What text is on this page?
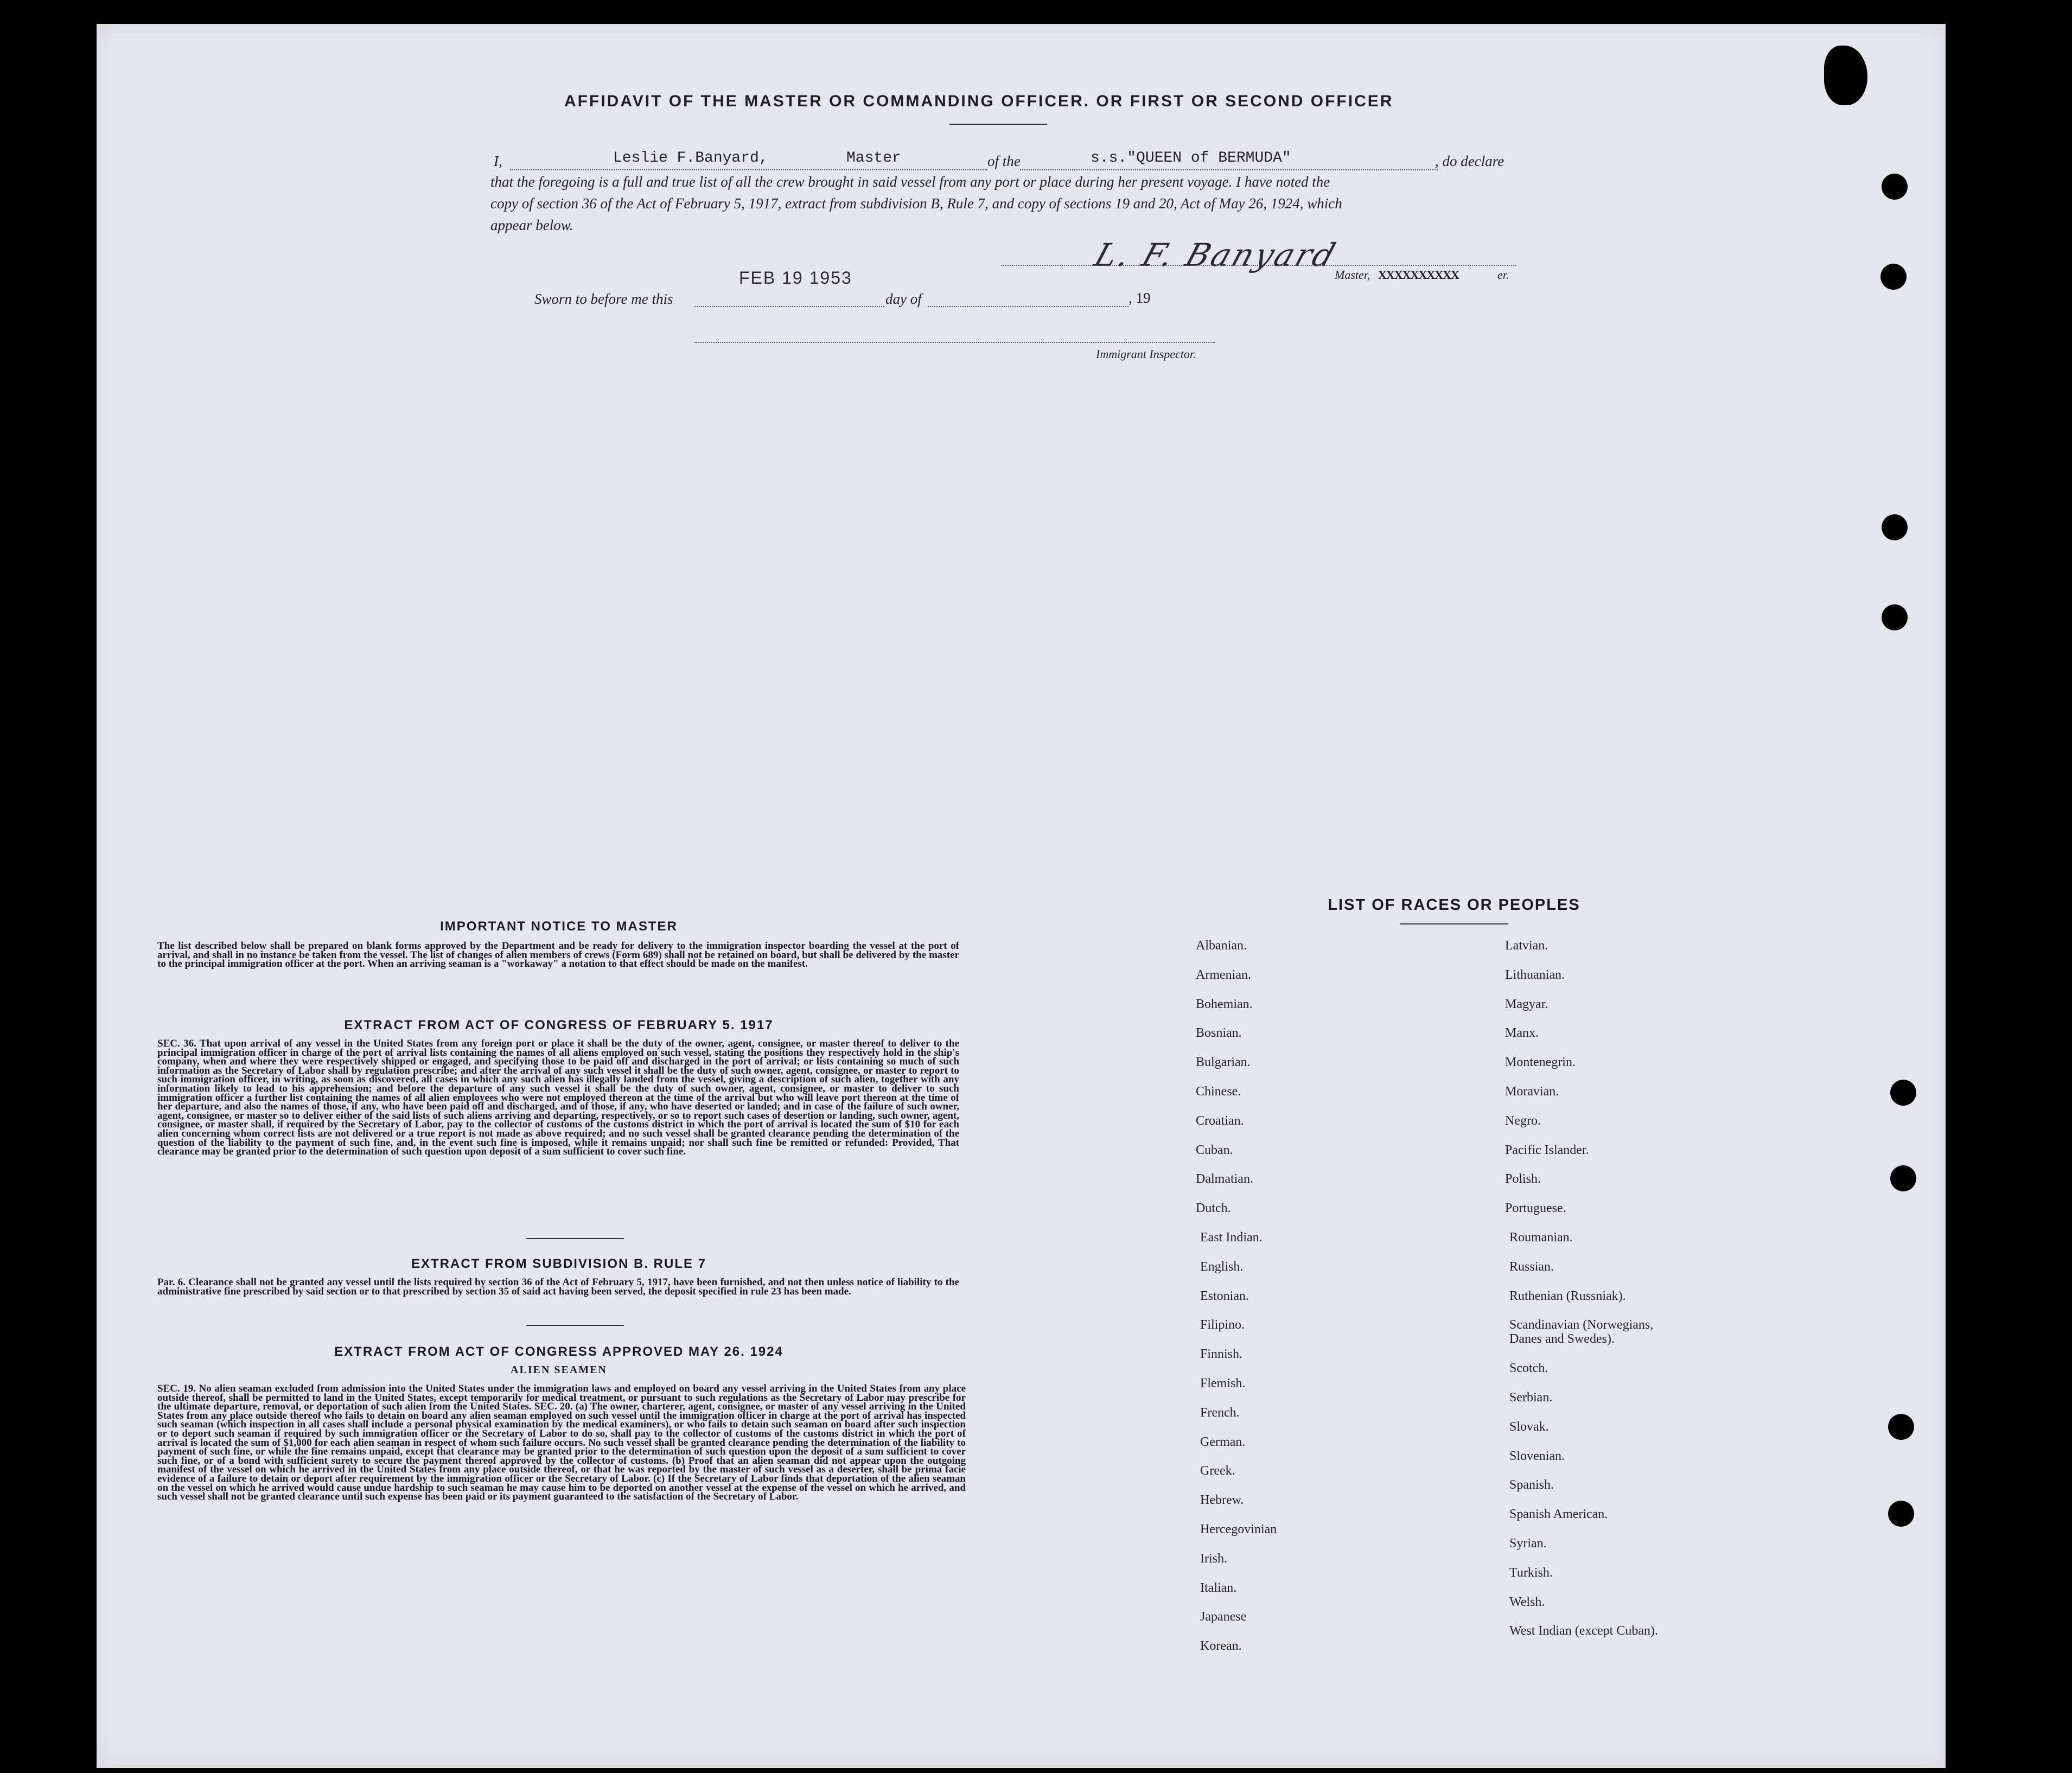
AFFIDAVIT OF THE MASTER OR COMMANDING OFFICER. OR FIRST OR SECOND OFFICER
I,	Leslie F.Banyard,	Master	of the	s.s."QUEEN of BERMUDA"	, do declare
that the foregoing is a full and true list of all the crew brought in said vessel from any port or place during her present voyage. I have noted the
copy of section 36 of the Act of February 5, 1917, extract from subdivision B, Rule 7, and copy of sections 19 and 20, Act of May 26, 1924, which
appear below.
L. F. Banyard
Master, XXXXXXXXXX	er.
FEB 19 1953
Sworn to before me this	day of	, 19
Immigrant Inspector.
IMPORTANT NOTICE TO MASTER
The list described below shall be prepared on blank forms approved by the Department and be ready for delivery to the immigration inspector boarding the vessel at the port of arrival, and shall in no instance be taken from the vessel. The list of changes of alien members of crews (Form 689) shall not be retained on board, but shall be delivered by the master to the principal immigration officer at the port. When an arriving seaman is a "workaway" a notation to that effect should be made on the manifest.
EXTRACT FROM ACT OF CONGRESS OF FEBRUARY 5. 1917
SEC. 36. That upon arrival of any vessel in the United States from any foreign port or place it shall be the duty of the owner, agent, consignee, or master thereof to deliver to the principal immigration officer in charge of the port of arrival lists containing the names of all aliens employed on such vessel, stating the positions they respectively hold in the ship's company, when and where they were respectively shipped or engaged, and specifying those to be paid off and discharged in the port of arrival; or lists containing so much of such information as the Secretary of Labor shall by regulation prescribe; and after the arrival of any such vessel it shall be the duty of such owner, agent, consignee, or master to report to such immigration officer, in writing, as soon as discovered, all cases in which any such alien has illegally landed from the vessel, giving a description of such alien, together with any information likely to lead to his apprehension; and before the departure of any such vessel it shall be the duty of such owner, agent, consignee, or master to deliver to such immigration officer a further list containing the names of all alien employees who were not employed thereon at the time of the arrival but who will leave port thereon at the time of her departure, and also the names of those, if any, who have been paid off and discharged, and of those, if any, who have deserted or landed; and in case of the failure of such owner, agent, consignee, or master so to deliver either of the said lists of such aliens arriving and departing, respectively, or so to report such cases of desertion or landing, such owner, agent, consignee, or master shall, if required by the Secretary of Labor, pay to the collector of customs of the customs district in which the port of arrival is located the sum of $10 for each alien concerning whom correct lists are not delivered or a true report is not made as above required; and no such vessel shall be granted clearance pending the determination of the question of the liability to the payment of such fine, and, in the event such fine is imposed, while it remains unpaid; nor shall such fine be remitted or refunded: Provided, That clearance may be granted prior to the determination of such question upon deposit of a sum sufficient to cover such fine.
EXTRACT FROM SUBDIVISION B. RULE 7
Par. 6. Clearance shall not be granted any vessel until the lists required by section 36 of the Act of February 5, 1917, have been furnished, and not then unless notice of liability to the administrative fine prescribed by said section or to that prescribed by section 35 of said act having been served, the deposit specified in rule 23 has been made.
EXTRACT FROM ACT OF CONGRESS APPROVED MAY 26. 1924
ALIEN SEAMEN
SEC. 19. No alien seaman excluded from admission into the United States under the immigration laws and employed on board any vessel arriving in the United States from any place outside thereof, shall be permitted to land in the United States, except temporarily for medical treatment, or pursuant to such regulations as the Secretary of Labor may prescribe for the ultimate departure, removal, or deportation of such alien from the United States. SEC. 20. (a) The owner, charterer, agent, consignee, or master of any vessel arriving in the United States from any place outside thereof who fails to detain on board any alien seaman employed on such vessel until the immigration officer in charge at the port of arrival has inspected such seaman (which inspection in all cases shall include a personal physical examination by the medical examiners), or who fails to detain such seaman on board after such inspection or to deport such seaman if required by such immigration officer or the Secretary of Labor to do so, shall pay to the collector of customs of the customs district in which the port of arrival is located the sum of $1,000 for each alien seaman in respect of whom such failure occurs. No such vessel shall be granted clearance pending the determination of the liability to payment of such fine, or while the fine remains unpaid, except that clearance may be granted prior to the determination of such question upon the deposit of a sum sufficient to cover such fine, or of a bond with sufficient surety to secure the payment thereof approved by the collector of customs. (b) Proof that an alien seaman did not appear upon the outgoing manifest of the vessel on which he arrived in the United States from any place outside thereof, or that he was reported by the master of such vessel as a deserter, shall be prima facie evidence of a failure to detain or deport after requirement by the immigration officer or the Secretary of Labor. (c) If the Secretary of Labor finds that deportation of the alien seaman on the vessel on which he arrived would cause undue hardship to such seaman he may cause him to be deported on another vessel at the expense of the vessel on which he arrived, and such vessel shall not be granted clearance until such expense has been paid or its payment guaranteed to the satisfaction of the Secretary of Labor.
LIST OF RACES OR PEOPLES
Albanian.
Armenian.
Bohemian.
Bosnian.
Bulgarian.
Chinese.
Croatian.
Cuban.
Dalmatian.
Dutch.
East Indian.
English.
Estonian.
Filipino.
Finnish.
Flemish.
French.
German.
Greek.
Hebrew.
Hercegovinian
Irish.
Italian.
Japanese
Korean.
Latvian.
Lithuanian.
Magyar.
Manx.
Montenegrin.
Moravian.
Negro.
Pacific Islander.
Polish.
Portuguese.
Roumanian.
Russian.
Ruthenian (Russniak).
Scandinavian (Norwegians, Danes and Swedes).
Scotch.
Serbian.
Slovak.
Slovenian.
Spanish.
Spanish American.
Syrian.
Turkish.
Welsh.
West Indian (except Cuban).
